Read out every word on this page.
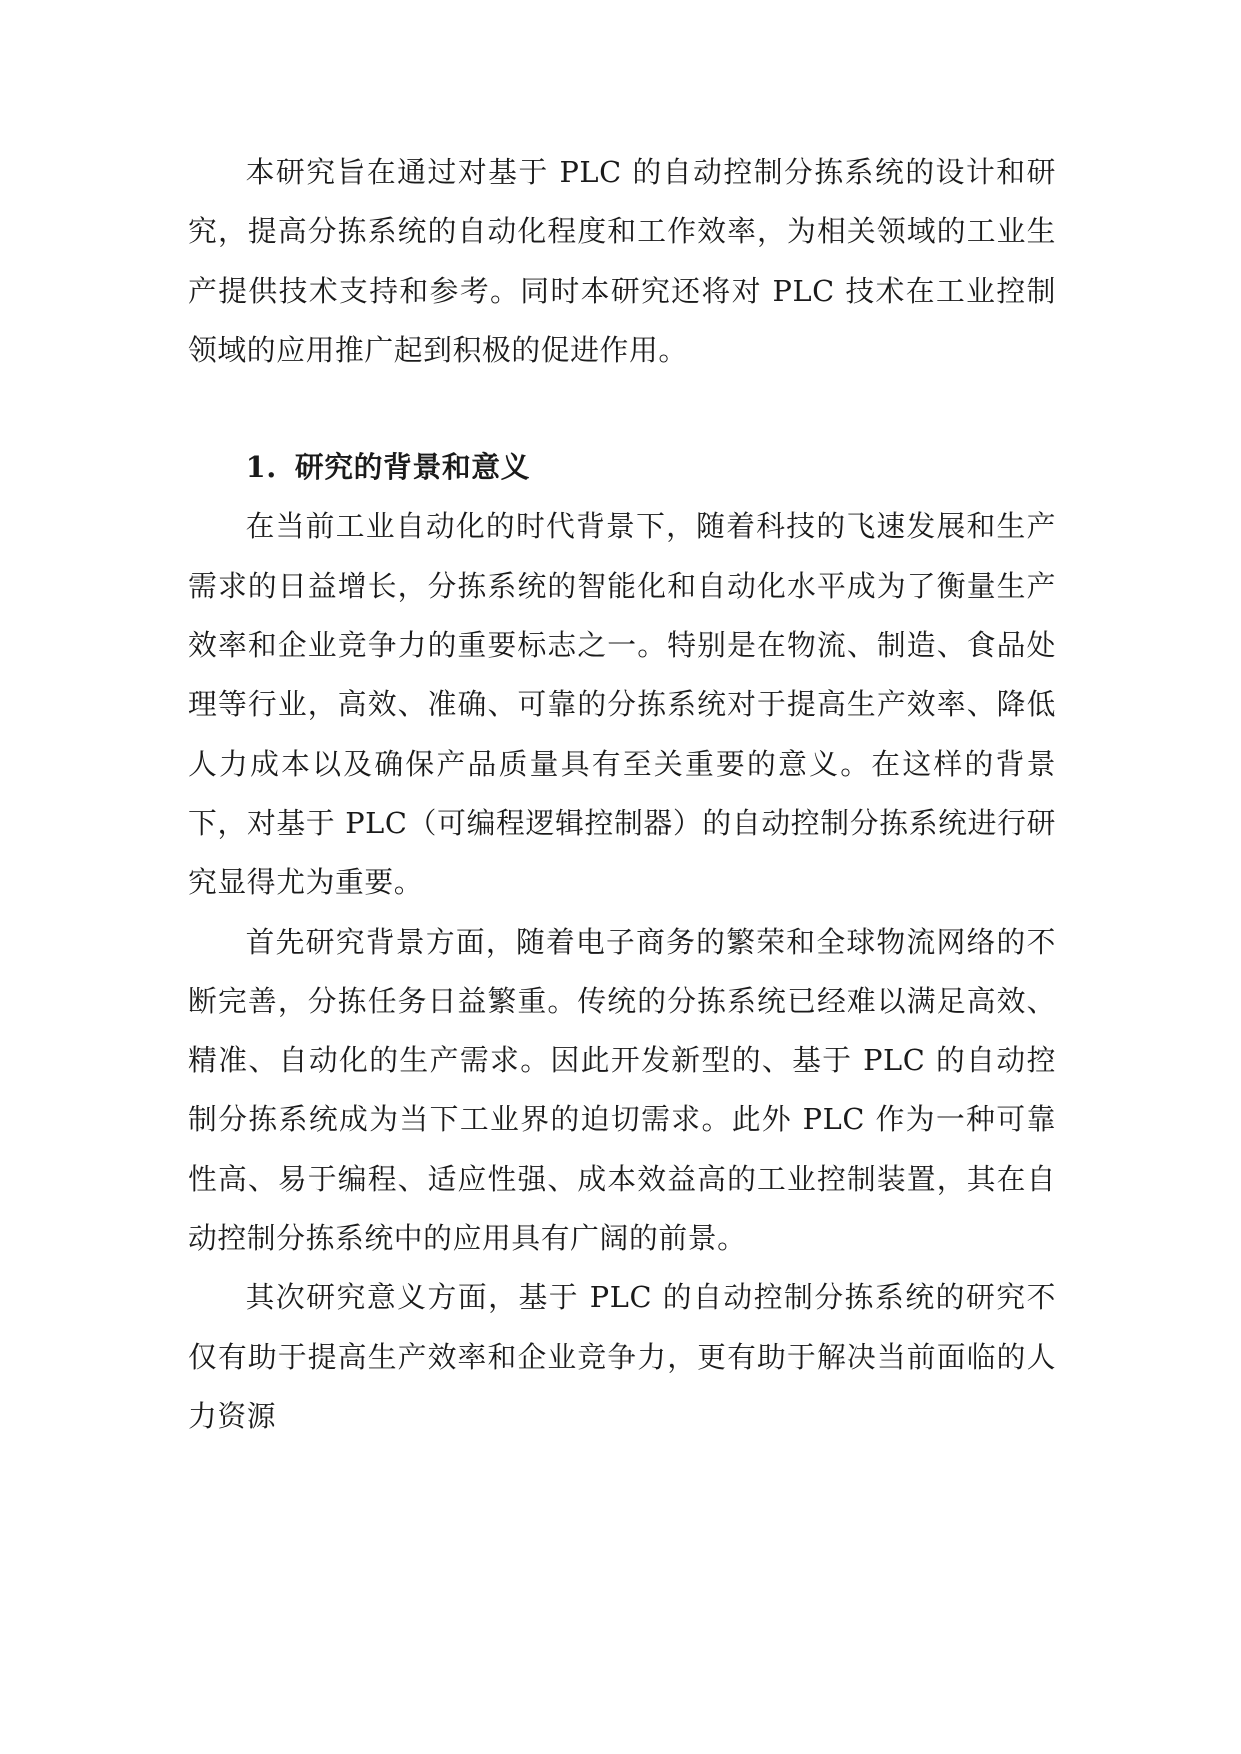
本研究旨在通过对基于 PLC 的自动控制分拣系统的设计和研究，提高分拣系统的自动化程度和工作效率，为相关领域的工业生产提供技术支持和参考。同时本研究还将对 PLC 技术在工业控制领域的应用推广起到积极的促进作用。

1. 研究的背景和意义

在当前工业自动化的时代背景下，随着科技的飞速发展和生产需求的日益增长，分拣系统的智能化和自动化水平成为了衡量生产效率和企业竞争力的重要标志之一。特别是在物流、制造、食品处理等行业，高效、准确、可靠的分拣系统对于提高生产效率、降低人力成本以及确保产品质量具有至关重要的意义。在这样的背景下，对基于 PLC（可编程逻辑控制器）的自动控制分拣系统进行研究显得尤为重要。

首先研究背景方面，随着电子商务的繁荣和全球物流网络的不断完善，分拣任务日益繁重。传统的分拣系统已经难以满足高效、精准、自动化的生产需求。因此开发新型的、基于 PLC 的自动控制分拣系统成为当下工业界的迫切需求。此外 PLC 作为一种可靠性高、易于编程、适应性强、成本效益高的工业控制装置，其在自动控制分拣系统中的应用具有广阔的前景。

其次研究意义方面，基于 PLC 的自动控制分拣系统的研究不仅有助于提高生产效率和企业竞争力，更有助于解决当前面临的人力资源
